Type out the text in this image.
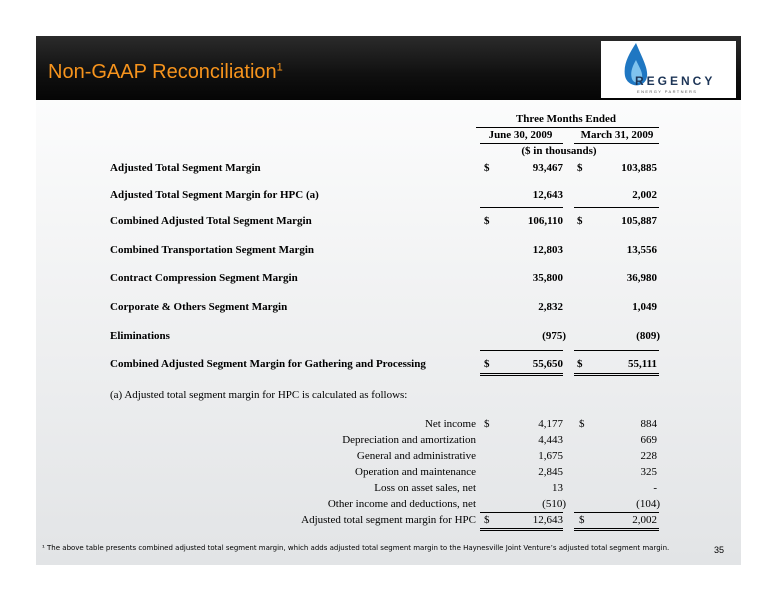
Non-GAAP Reconciliation$^1$
REGENCY
ENERGY PARTNERS
Three Months Ended
June 30, 2009	March 31, 2009
($ in thousands)
Adjusted Total Segment Margin	$	93,467 $	103,885
Adjusted Total Segment Margin for HPC (a)	12,643	2,002
Combined Adjusted Total Segment Margin	$	106,110 $	105,887
Combined Transportation Segment Margin	12,803	13,556
Contract Compression Segment Margin	35,800	36,980
Corporate & Others Segment Margin	2,832	1,049
Eliminations	(975)	(809)
Combined Adjusted Segment Margin for Gathering and Processing	$	55,650 $	55,111
(a) Adjusted total segment margin for HPC is calculated as follows:
Net income $	4,177 $	884
Depreciation and amortization	4,443	669
General and administrative	1,675	228
Operation and maintenance	2,845	325
Loss on asset sales, net	13	-
Other income and deductions, net	(510)	(104)
Adjusted total segment margin for HPC $	12,643 $	2,002
¹ The above table presents combined adjusted total segment margin, which adds adjusted total segment margin to the Haynesville Joint Venture’s adjusted total segment margin.	35
